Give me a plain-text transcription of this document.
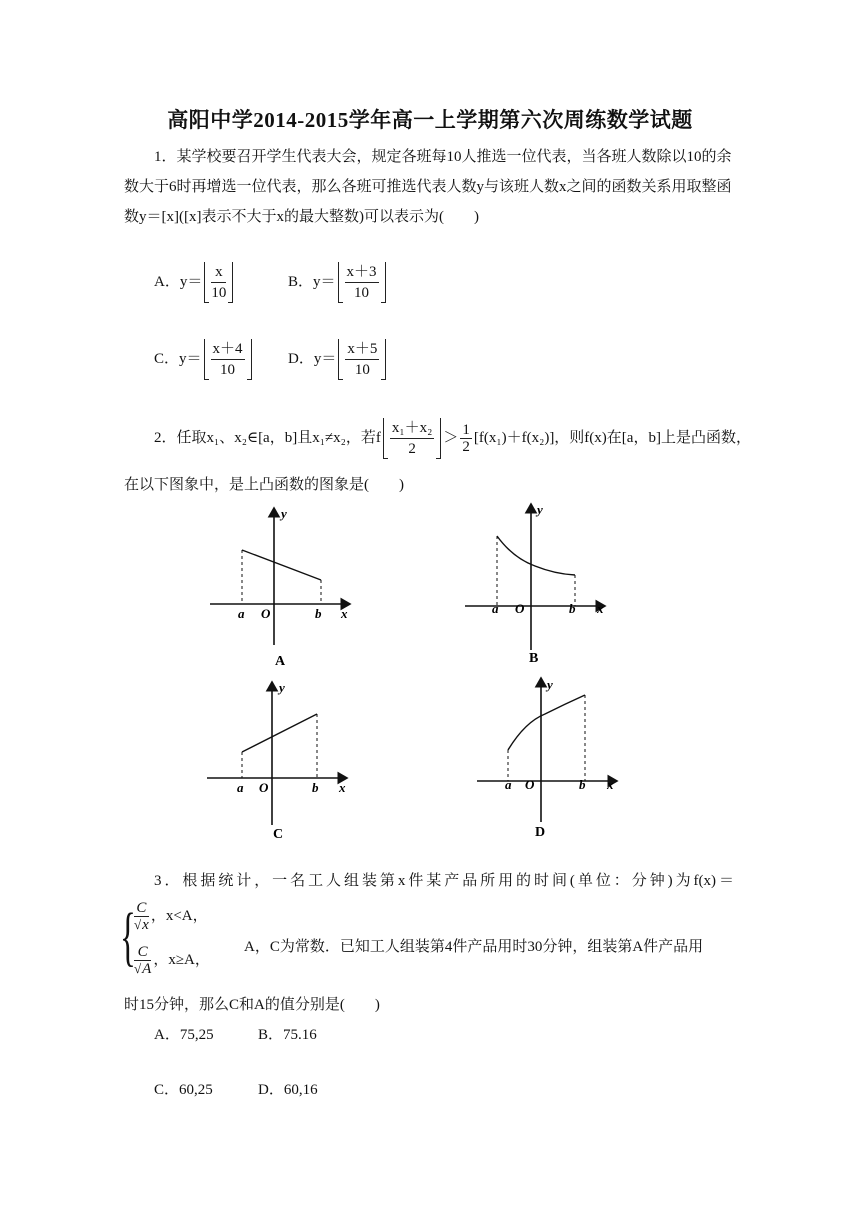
高阳中学2014-2015学年高一上学期第六次周练数学试题
1．某学校要召开学生代表大会，规定各班每10人推选一位代表，当各班人数除以10的余数大于6时再增选一位代表，那么各班可推选代表人数y与该班人数x之间的函数关系用取整函数y＝[x]([x]表示不大于x的最大整数)可以表示为(　　)
A．$y= \frac{x}{10}$	B．$y= \frac{x+3}{10}$
C．$y= \frac{x+4}{10}$ D．$y= \frac{x+5}{10}$
2．任取x₁、x₂∈[a，b]且x₁≠x₂，若f $\frac{\text{x₁＋x₂}}{2} > \frac{1}{2} [f(x_1)+f(x_2)]$，则f(x)在[a，b]上是凸函数，
在以下图象中，是上凸函数的图象是(　　)
a O	b x
y
A
a O	b x
y
B
a O	b x
y
C
a O	b x
y
D
3．根据统计，一名工人组装第x件某产品所用的时间(单位：分钟)为f(x)＝
{
$\frac{C}{√x}$ ，x<A，
$\frac{C}{√A}$ ，x≥A，
A，C为常数．已知工人组装第4件产品用时30分钟，组装第A件产品用
时15分钟，那么C和A的值分别是(　　)
A．75,25	B．75.16
C．60,25	D．60,16
